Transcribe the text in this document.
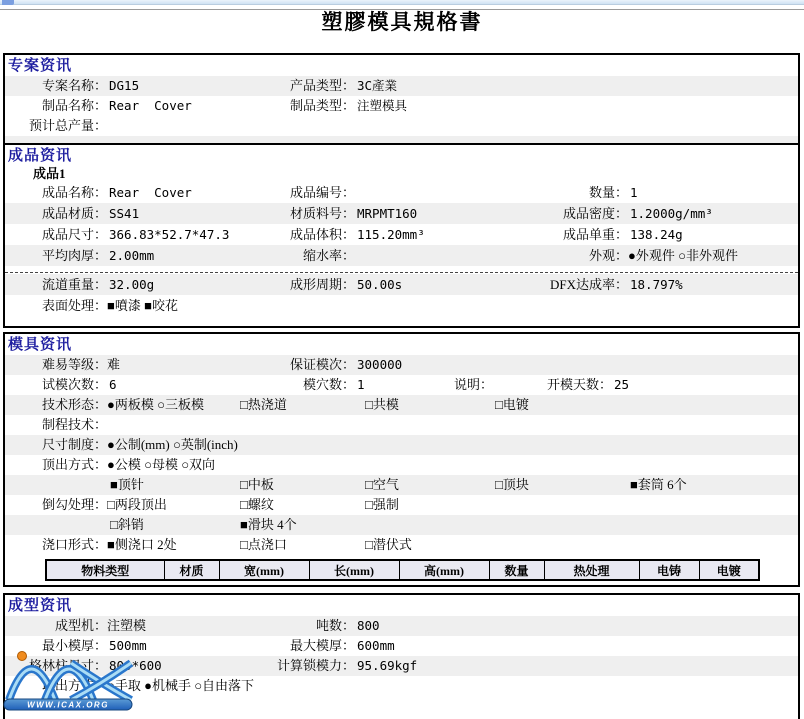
塑膠模具規格書
专案资讯
专案名称： DG15	产品类型： 3C產業
制品名称： Rear  Cover	制品类型： 注塑模具
预计总产量：
成品资讯
成品1
成品名称： Rear  Cover	成品编号：	数量： 1
成品材质： SS41	材质料号： MRPMT160	成品密度： 1.2000g/mm³
成品尺寸： 366.83*52.7*47.3	成品体积： 115.20mm³	成品单重： 138.24g
平均肉厚： 2.00mm	缩水率：	外观：●外观件 ○非外观件
流道重量： 32.00g	成形周期： 50.00s	DFX达成率： 18.797%
表面处理：■噴漆 ■咬花
模具资讯
难易等级：难	保证模次： 300000
试模次数： 6	模穴数： 1	说明：	开模天数： 25
技术形态：●两板模 ○三板模	□热浇道	□共模	□电镀
制程技术：
尺寸制度：●公制(mm) ○英制(inch)
顶出方式：●公模 ○母模 ○双向
■顶针	□中板	□空气	□顶块	■套筒 6个
倒勾处理：□两段顶出	□螺纹	□强制
□斜销	■滑块 4个
浇口形式：■侧浇口 2处	□点浇口	□潜伏式
物料类型	材质	宽(mm)	长(mm)	高(mm)	数量	热处理	电铸	电镀
成型资讯
成型机：注塑模	吨数： 800
最小模厚： 500mm	最大模厚： 600mm
格林柱尺寸： 800*600	计算锁模力： 95.69kgf
取出方式：○手取 ●机械手 ○自由落下
WWW.ICAX.ORG
